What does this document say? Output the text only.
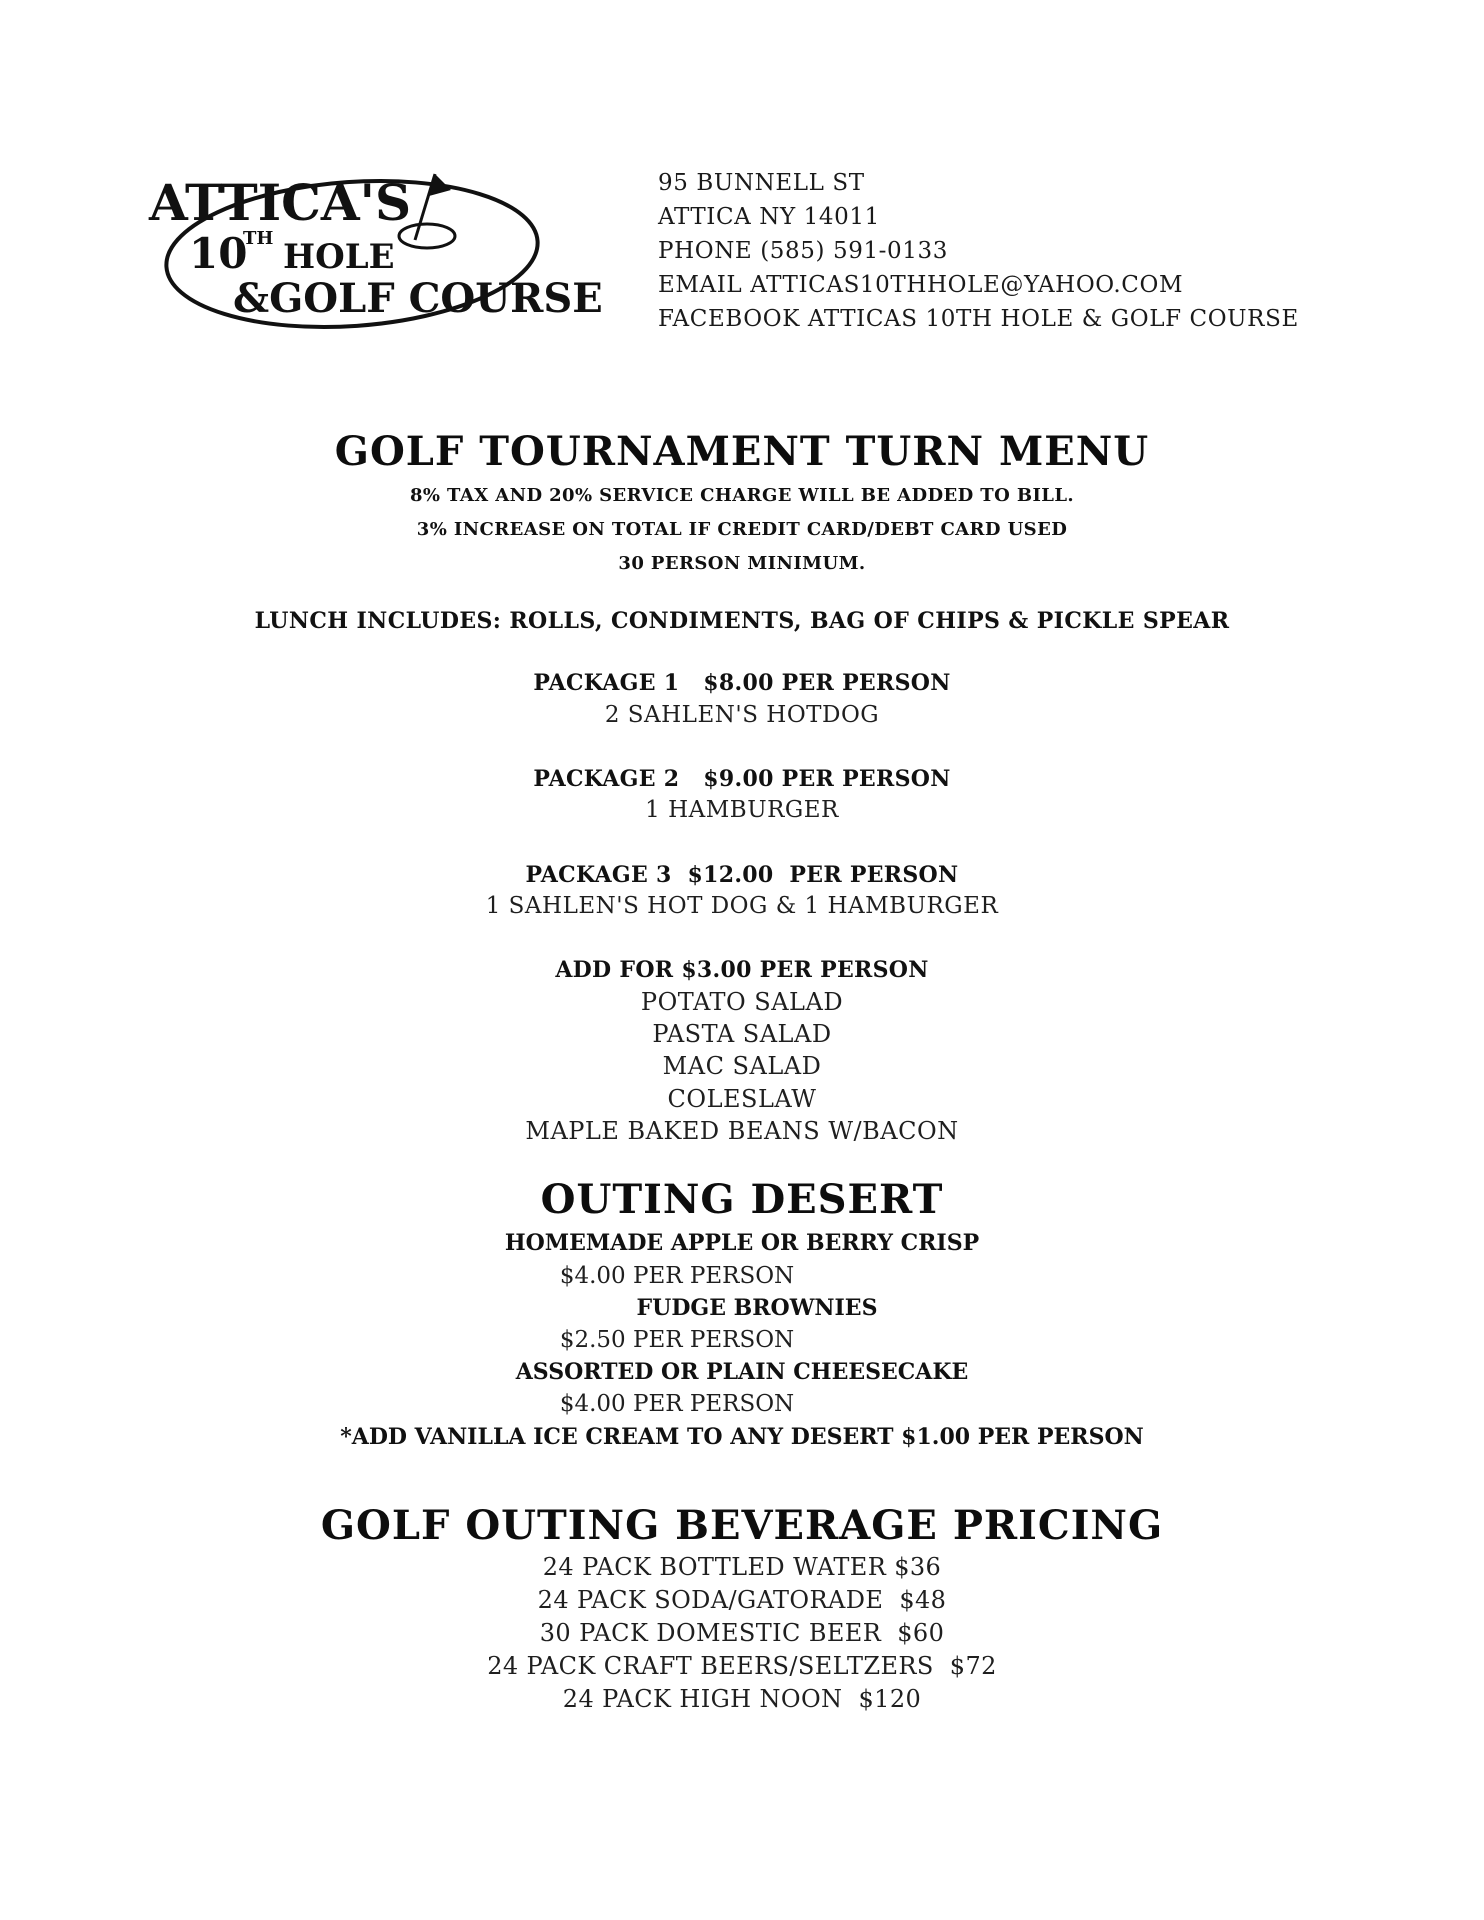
ATTICA'S
10
TH HOLE
&GOLF COURSE
95 BUNNELL ST
ATTICA NY 14011
PHONE (585) 591-0133
EMAIL ATTICAS10THHOLE@YAHOO.COM
FACEBOOK ATTICAS 10TH HOLE & GOLF COURSE
GOLF TOURNAMENT TURN MENU
8% TAX AND 20% SERVICE CHARGE WILL BE ADDED TO BILL.
3% INCREASE ON TOTAL IF CREDIT CARD/DEBT CARD USED
30 PERSON MINIMUM.
LUNCH INCLUDES: ROLLS, CONDIMENTS, BAG OF CHIPS & PICKLE SPEAR
PACKAGE 1   $8.00 PER PERSON
2 SAHLEN'S HOTDOG
PACKAGE 2   $9.00 PER PERSON
1 HAMBURGER
PACKAGE 3  $12.00  PER PERSON
1 SAHLEN'S HOT DOG & 1 HAMBURGER
ADD FOR $3.00 PER PERSON
POTATO SALAD
PASTA SALAD
MAC SALAD
COLESLAW
MAPLE BAKED BEANS W/BACON
OUTING DESERT
HOMEMADE APPLE OR BERRY CRISP
$4.00 PER PERSON
FUDGE BROWNIES
$2.50 PER PERSON
ASSORTED OR PLAIN CHEESECAKE
$4.00 PER PERSON
*ADD VANILLA ICE CREAM TO ANY DESERT $1.00 PER PERSON
GOLF OUTING BEVERAGE PRICING
24 PACK BOTTLED WATER $36
24 PACK SODA/GATORADE  $48
30 PACK DOMESTIC BEER  $60
24 PACK CRAFT BEERS/SELTZERS  $72
24 PACK HIGH NOON  $120
